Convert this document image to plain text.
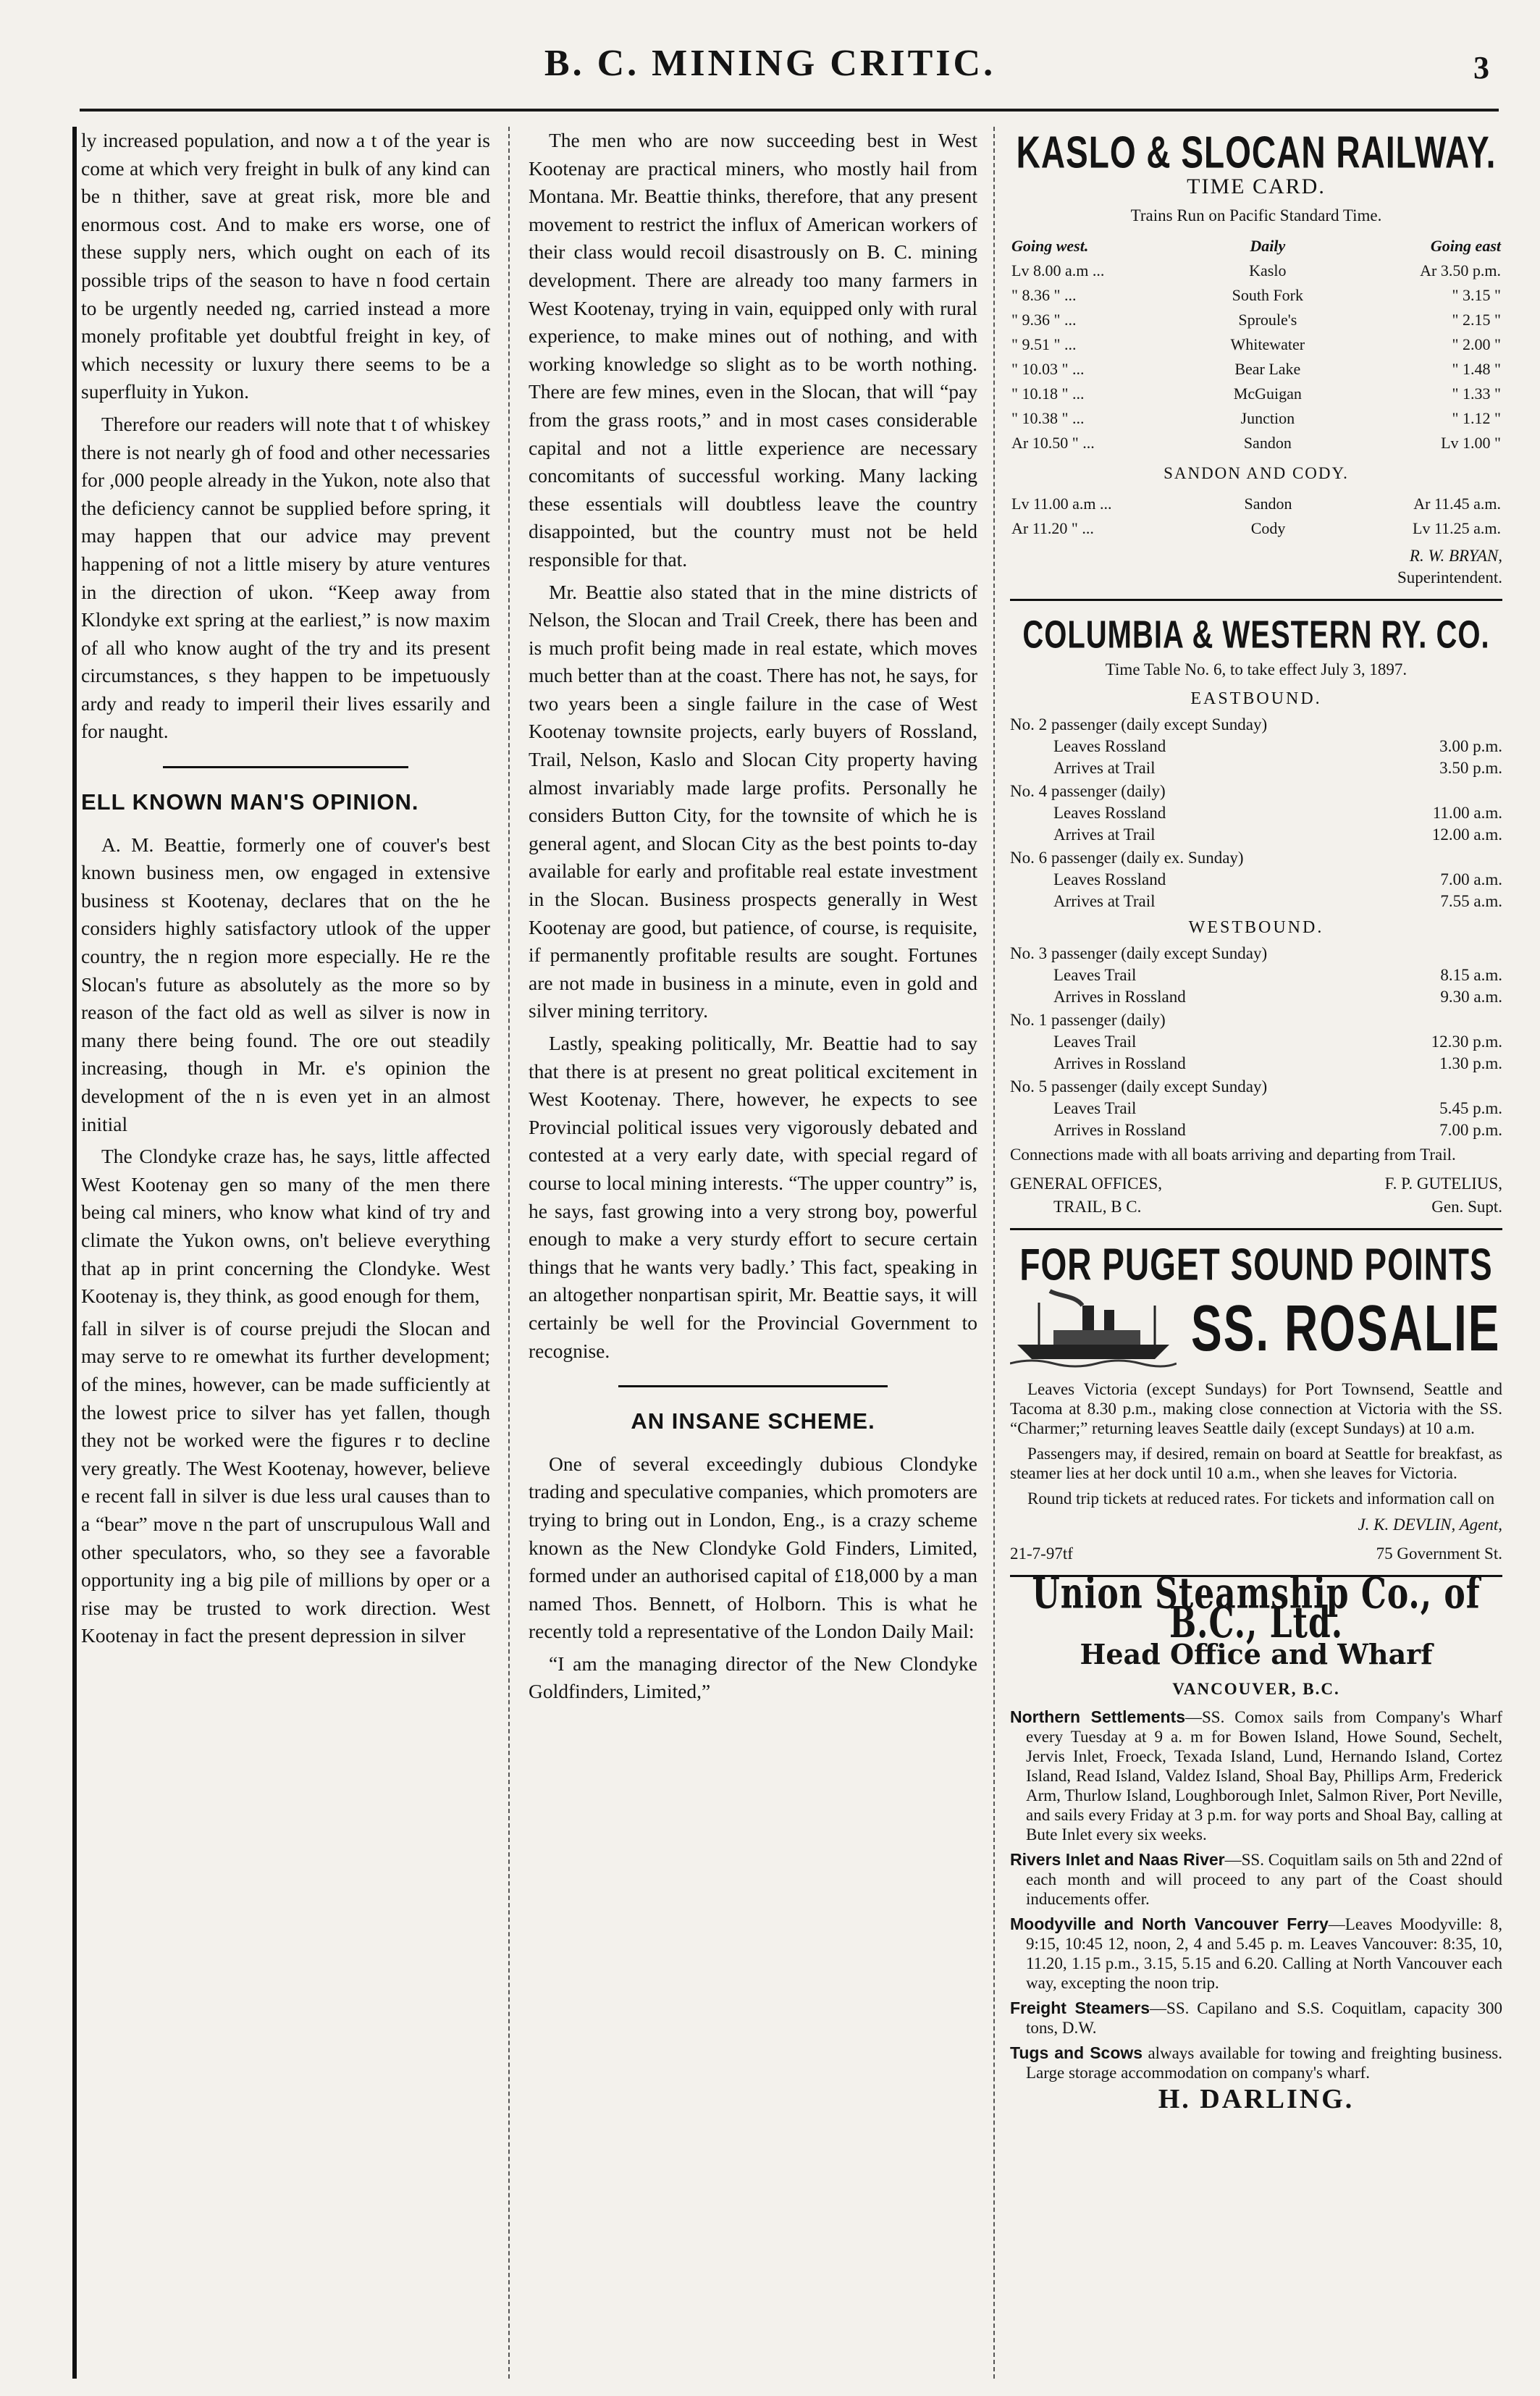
B. C. MINING CRITIC.	3

ly increased population, and now a t of the year is come at which very freight in bulk of any kind can be n thither, save at great risk, more ble and enormous cost. And to make ers worse, one of these supply ners, which ought on each of its possible trips of the season to have n food certain to be urgently needed ng, carried instead a more monely profitable yet doubtful freight in key, of which necessity or luxury there seems to be a superfluity in Yukon.

Therefore our readers will note that t of whiskey there is not nearly gh of food and other necessaries for ,000 people already in the Yukon, note also that the deficiency cannot be supplied before spring, it may happen that our advice may prevent happening of not a little misery by ature ventures in the direction of ukon. “Keep away from Klondyke ext spring at the earliest,” is now maxim of all who know aught of the try and its present circumstances, s they happen to be impetuously ardy and ready to imperil their lives essarily and for naught.

ELL KNOWN MAN'S OPINION.

A. M. Beattie, formerly one of couver's best known business men, ow engaged in extensive business st Kootenay, declares that on the he considers highly satisfactory utlook of the upper country, the n region more especially. He re the Slocan's future as absolutely as the more so by reason of the fact old as well as silver is now in many there being found. The ore out steadily increasing, though in Mr. e's opinion the development of the n is even yet in an almost initial

The Clondyke craze has, he says, little affected West Kootenay gen so many of the men there being cal miners, who know what kind of try and climate the Yukon owns, on't believe everything that ap in print concerning the Clondyke. West Kootenay is, they think, as good enough for them,

fall in silver is of course prejudi the Slocan and may serve to re omewhat its further development; of the mines, however, can be made sufficiently at the lowest price to silver has yet fallen, though they not be worked were the figures r to decline very greatly. The West Kootenay, however, believe e recent fall in silver is due less ural causes than to a “bear” move n the part of unscrupulous Wall and other speculators, who, so they see a favorable opportunity ing a big pile of millions by oper or a rise may be trusted to work direction. West Kootenay in fact the present depression in silver

The men who are now succeeding best in West Kootenay are practical miners, who mostly hail from Montana. Mr. Beattie thinks, therefore, that any present movement to restrict the influx of American workers of their class would recoil disastrously on B. C. mining development. There are already too many farmers in West Kootenay, trying in vain, equipped only with rural experience, to make mines out of nothing, and with working knowledge so slight as to be worth nothing. There are few mines, even in the Slocan, that will “pay from the grass roots,” and in most cases considerable capital and not a little experience are necessary concomitants of successful working. Many lacking these essentials will doubtless leave the country disappointed, but the country must not be held responsible for that.

Mr. Beattie also stated that in the mine districts of Nelson, the Slocan and Trail Creek, there has been and is much profit being made in real estate, which moves much better than at the coast. There has not, he says, for two years been a single failure in the case of West Kootenay townsite projects, early buyers of Rossland, Trail, Nelson, Kaslo and Slocan City property having almost invariably made large profits. Personally he considers Button City, for the townsite of which he is general agent, and Slocan City as the best points to-day available for early and profitable real estate investment in the Slocan. Business prospects generally in West Kootenay are good, but patience, of course, is requisite, if permanently profitable results are sought. Fortunes are not made in business in a minute, even in gold and silver mining territory.

Lastly, speaking politically, Mr. Beattie had to say that there is at present no great political excitement in West Kootenay. There, however, he expects to see Provincial political issues very vigorously debated and contested at a very early date, with special regard of course to local mining interests. “The upper country” is, he says, fast growing into a very strong boy, powerful enough to make a very sturdy effort to secure certain things that he wants very badly.’ This fact, speaking in an altogether nonpartisan spirit, Mr. Beattie says, it will certainly be well for the Provincial Government to recognise.

AN INSANE SCHEME.

One of several exceedingly dubious Clondyke trading and speculative companies, which promoters are trying to bring out in London, Eng., is a crazy scheme known as the New Clondyke Gold Finders, Limited, formed under an authorised capital of £18,000 by a man named Thos. Bennett, of Holborn. This is what he recently told a representative of the London Daily Mail:

“I am the managing director of the New Clondyke Goldfinders, Limited,”

KASLO & SLOCAN RAILWAY.
TIME CARD.
Trains Run on Pacific Standard Time.
Going west.	Daily	Going east
Lv 8.00 a.m ...	Kaslo	Ar 3.50 p.m.
" 8.36 " ...	South Fork	" 3.15 "
" 9.36 " ...	Sproule's	" 2.15 "
" 9.51 " ...	Whitewater	" 2.00 "
" 10.03 " ...	Bear Lake	" 1.48 "
" 10.18 " ...	McGuigan	" 1.33 "
" 10.38 " ...	Junction	" 1.12 "
Ar 10.50 " ...	Sandon	Lv 1.00 "
SANDON AND CODY.
Lv 11.00 a.m ...	Sandon	Ar 11.45 a.m.
Ar 11.20 " ...	Cody	Lv 11.25 a.m.
R. W. BRYAN,
Superintendent.
COLUMBIA & WESTERN RY. CO.
Time Table No. 6, to take effect July 3, 1897.
EASTBOUND.
No. 2 passenger (daily except Sunday)
Leaves Rossland	3.00 p.m.
Arrives at Trail	3.50 p.m.
No. 4 passenger (daily)
Leaves Rossland	11.00 a.m.
Arrives at Trail	12.00 a.m.
No. 6 passenger (daily ex. Sunday)
Leaves Rossland	7.00 a.m.
Arrives at Trail	7.55 a.m.
WESTBOUND.
No. 3 passenger (daily except Sunday)
Leaves Trail	8.15 a.m.
Arrives in Rossland	9.30 a.m.
No. 1 passenger (daily)
Leaves Trail	12.30 p.m.
Arrives in Rossland	1.30 p.m.
No. 5 passenger (daily except Sunday)
Leaves Trail	5.45 p.m.
Arrives in Rossland	7.00 p.m.
Connections made with all boats arriving and departing from Trail.
GENERAL OFFICES,	F. P. GUTELIUS,
TRAIL, B C.	Gen. Supt.
FOR PUGET SOUND POINTS
SS. ROSALIE

Leaves Victoria (except Sundays) for Port Townsend, Seattle and Tacoma at 8.30 p.m., making close connection at Victoria with the SS. “Charmer;” returning leaves Seattle daily (except Sundays) at 10 a.m.

Passengers may, if desired, remain on board at Seattle for breakfast, as steamer lies at her dock until 10 a.m., when she leaves for Victoria.

Round trip tickets at reduced rates. For tickets and information call on

J. K. DEVLIN, Agent,
21-7-97tf	75 Government St.
Union Steamship Co., of B.C., Ltd.
Head Office and Wharf
VANCOUVER, B.C.

Northern Settlements—SS. Comox sails from Company's Wharf every Tuesday at 9 a. m for Bowen Island, Howe Sound, Sechelt, Jervis Inlet, Froeck, Texada Island, Lund, Hernando Island, Cortez Island, Read Island, Valdez Island, Shoal Bay, Phillips Arm, Frederick Arm, Thurlow Island, Loughborough Inlet, Salmon River, Port Neville, and sails every Friday at 3 p.m. for way ports and Shoal Bay, calling at Bute Inlet every six weeks.

Rivers Inlet and Naas River—SS. Coquitlam sails on 5th and 22nd of each month and will proceed to any part of the Coast should inducements offer.

Moodyville and North Vancouver Ferry—Leaves Moodyville: 8, 9:15, 10:45 12, noon, 2, 4 and 5.45 p. m. Leaves Vancouver: 8:35, 10, 11.20, 1.15 p.m., 3.15, 5.15 and 6.20. Calling at North Vancouver each way, excepting the noon trip.

Freight Steamers—SS. Capilano and S.S. Coquitlam, capacity 300 tons, D.W.

Tugs and Scows always available for towing and freighting business. Large storage accommodation on company's wharf.

H. DARLING.
